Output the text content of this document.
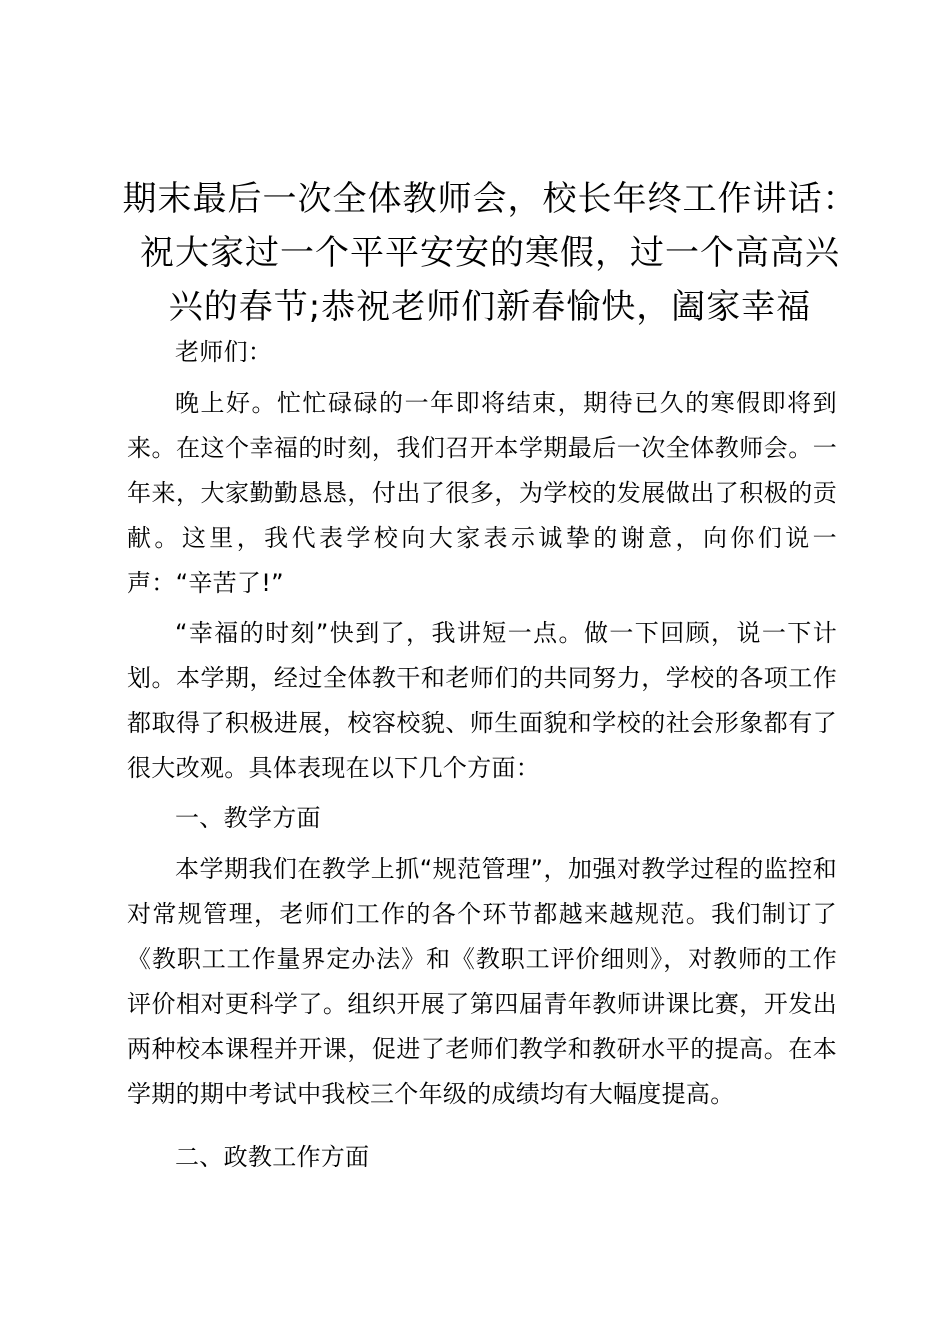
期末最后一次全体教师会，校长年终工作讲话：
祝大家过一个平平安安的寒假，过一个高高兴
兴的春节;恭祝老师们新春愉快，阖家幸福

老师们：

晚上好。忙忙碌碌的一年即将结束，期待已久的寒假即将到来。在这个幸福的时刻，我们召开本学期最后一次全体教师会。一年来，大家勤勤恳恳，付出了很多，为学校的发展做出了积极的贡献。这里，我代表学校向大家表示诚挚的谢意，向你们说一声：“辛苦了!”

“幸福的时刻”快到了，我讲短一点。做一下回顾，说一下计划。本学期，经过全体教干和老师们的共同努力，学校的各项工作都取得了积极进展，校容校貌、师生面貌和学校的社会形象都有了很大改观。具体表现在以下几个方面：

一、教学方面

本学期我们在教学上抓“规范管理”，加强对教学过程的监控和对常规管理，老师们工作的各个环节都越来越规范。我们制订了《教职工工作量界定办法》和《教职工评价细则》，对教师的工作评价相对更科学了。组织开展了第四届青年教师讲课比赛，开发出两种校本课程并开课，促进了老师们教学和教研水平的提高。在本学期的期中考试中我校三个年级的成绩均有大幅度提高。

二、政教工作方面
